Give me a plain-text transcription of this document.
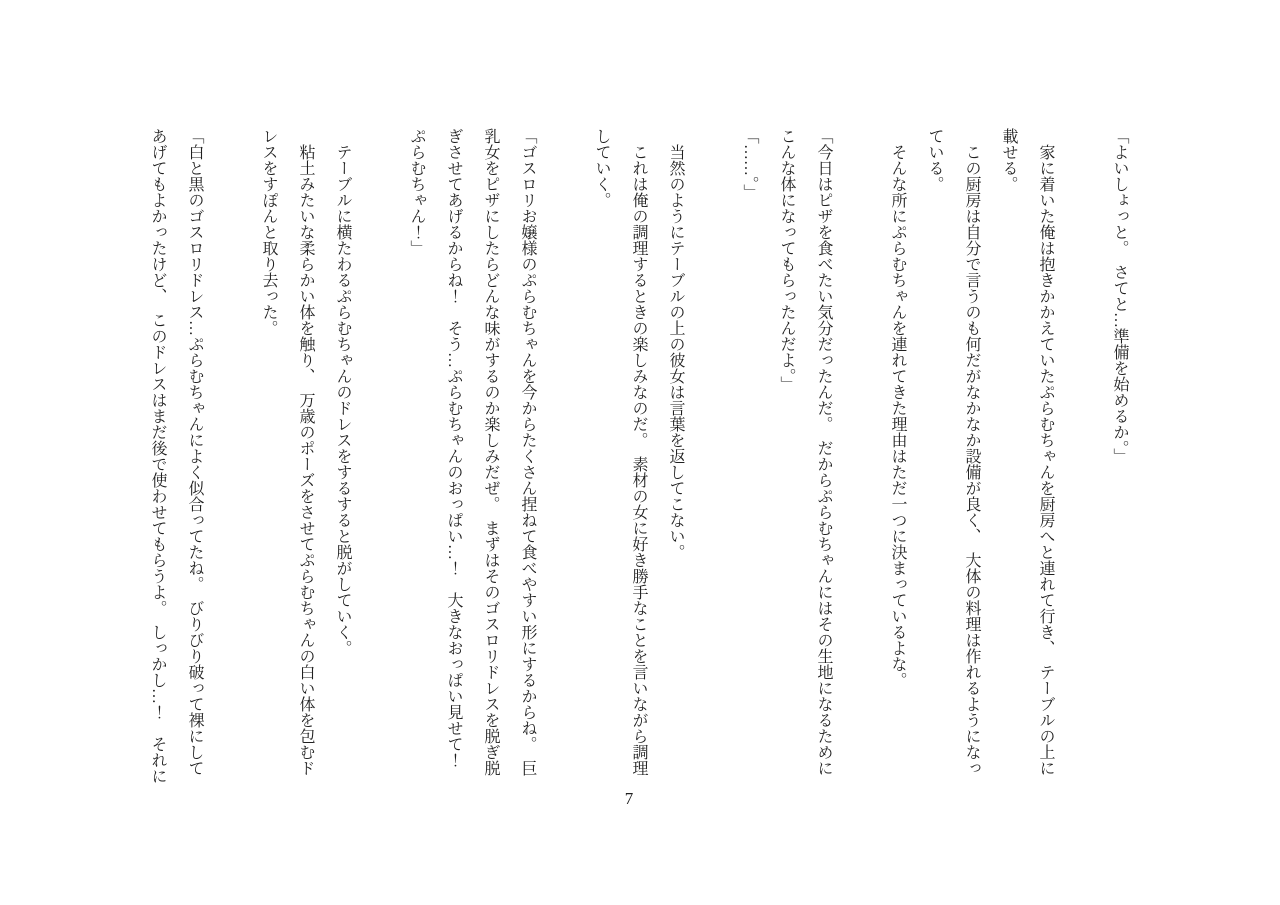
「よいしょっと。　さてと…準備を始めるか。」
家に着いた俺は抱きかかえていたぷらむちゃんを厨房へと連れて行き、　テーブルの上に
載せる。
この厨房は自分で言うのも何だがなかなか設備が良く、　大体の料理は作れるようになっ
ている。
そんな所にぷらむちゃんを連れてきた理由はただ一つに決まっているよな。
「今日はピザを食べたい気分だったんだ。　だからぷらむちゃんにはその生地になるために
こんな体になってもらったんだよ。」
「……。」
当然のようにテーブルの上の彼女は言葉を返してこない。
これは俺の調理するときの楽しみなのだ。　素材の女に好き勝手なことを言いながら調理
していく。
「ゴスロリお嬢様のぷらむちゃんを今からたくさん捏ねて食べやすい形にするからね。　巨
乳女をピザにしたらどんな味がするのか楽しみだぜ。　まずはそのゴスロリドレスを脱ぎ脱
ぎさせてあげるからね！　そう…ぷらむちゃんのおっぱい…！　大きなおっぱい見せて！
ぷらむちゃん！」
テーブルに横たわるぷらむちゃんのドレスをするすると脱がしていく。
粘土みたいな柔らかい体を触り、　万歳のポーズをさせてぷらむちゃんの白い体を包むド
レスをすぽんと取り去った。
「白と黒のゴスロリドレス…ぷらむちゃんによく似合ってたね。　びりびり破って裸にして
あげてもよかったけど、　このドレスはまだ後で使わせてもらうよ。　しっかし…！　それに
7
